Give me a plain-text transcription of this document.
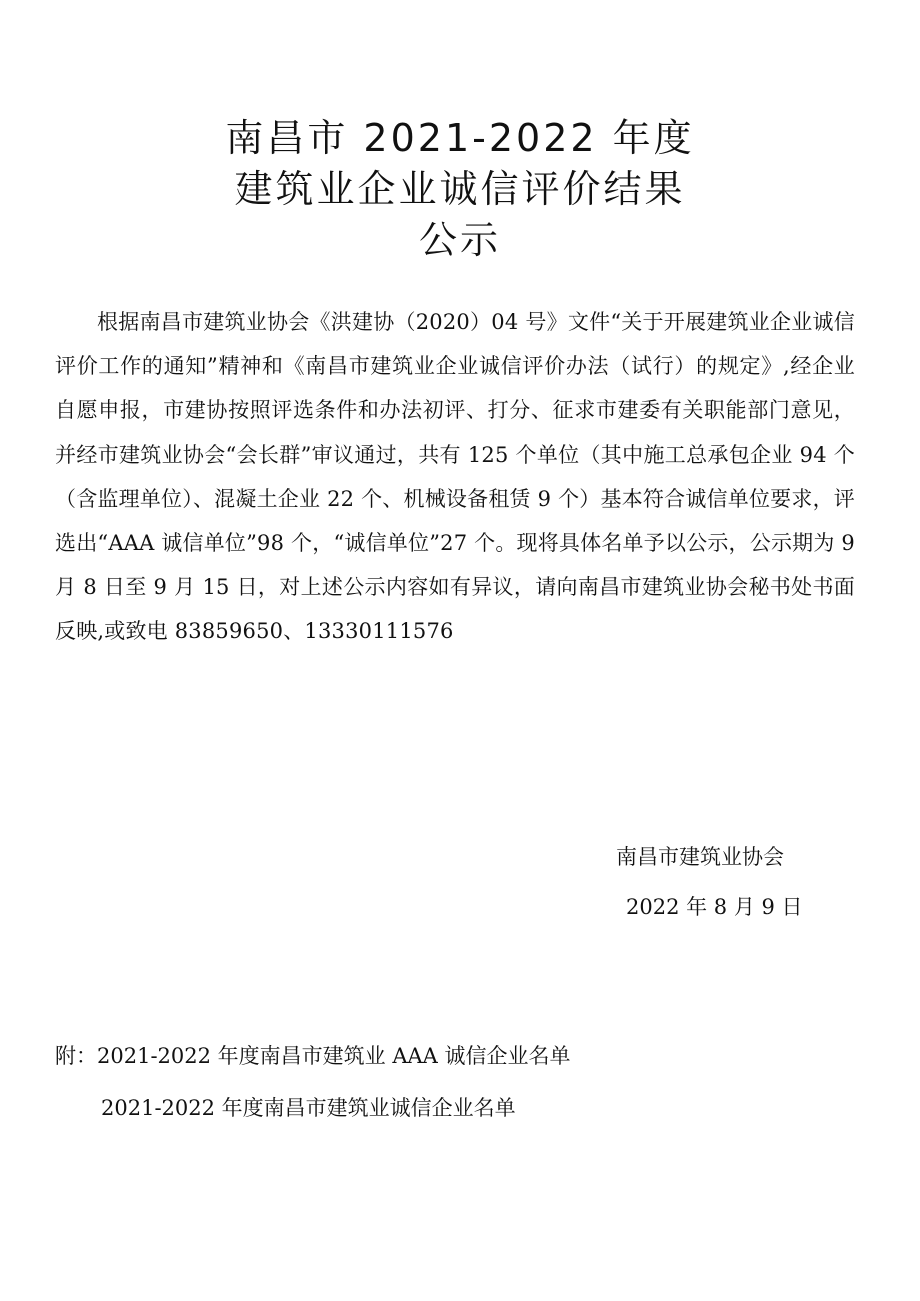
南昌市 2021-2022 年度
建筑业企业诚信评价结果
公示

根据南昌市建筑业协会《洪建协（2020）04 号》文件“关于开展建筑业企业诚信评价工作的通知”精神和《南昌市建筑业企业诚信评价办法（试行）的规定》,经企业自愿申报，市建协按照评选条件和办法初评、打分、征求市建委有关职能部门意见，并经市建筑业协会“会长群”审议通过，共有 125 个单位（其中施工总承包企业 94 个（含监理单位）、混凝土企业 22 个、机械设备租赁 9 个）基本符合诚信单位要求，评选出“AAA 诚信单位”98 个，“诚信单位”27 个。现将具体名单予以公示，公示期为 9 月 8 日至 9 月 15 日，对上述公示内容如有异议，请向南昌市建筑业协会秘书处书面反映,或致电 83859650、13330111576

南昌市建筑业协会
2022 年 8 月 9 日
附：2021-2022 年度南昌市建筑业 AAA 诚信企业名单
2021-2022 年度南昌市建筑业诚信企业名单
